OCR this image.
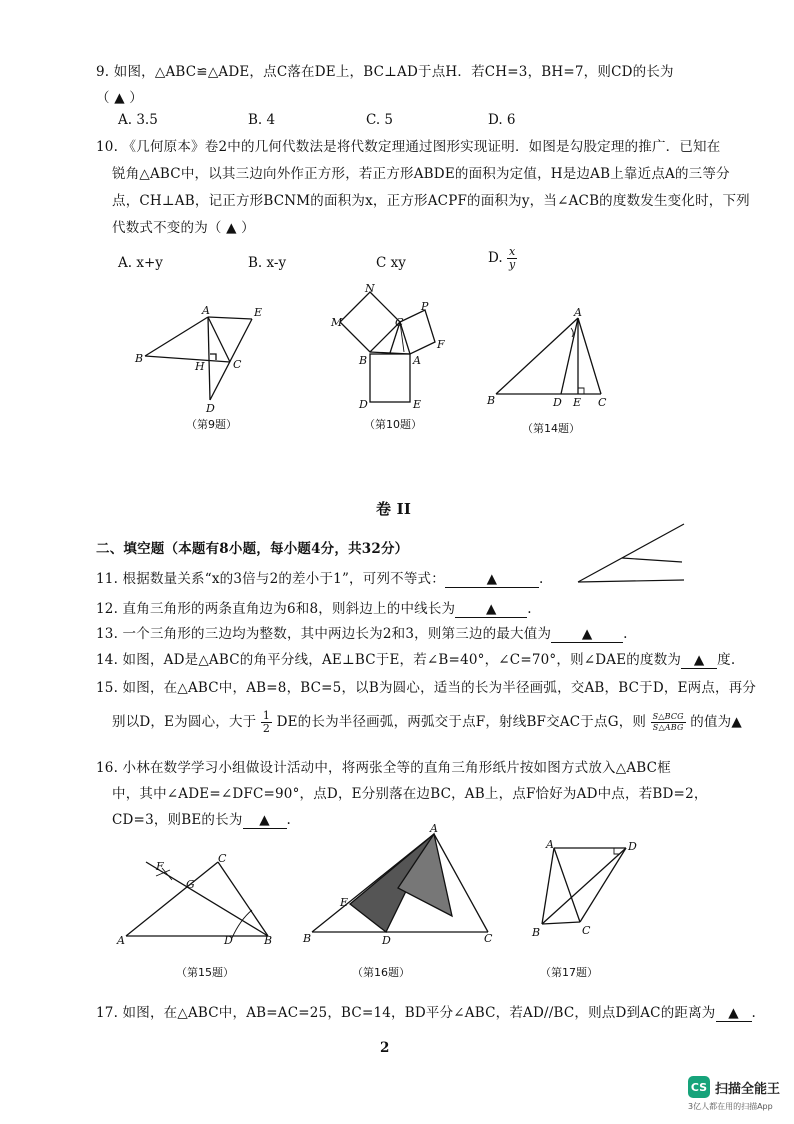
9. 如图，△ABC≌△ADE，点C落在DE上，BC⊥AD于点H．若CH=3，BH=7，则CD的长为
（ ▲ ）
A. 3.5	B. 4	C. 5	D. 6
10. 《几何原本》卷2中的几何代数法是将代数定理通过图形实现证明．如图是勾股定理的推广．已知在
锐角△ABC中，以其三边向外作正方形，若正方形ABDE的面积为定值，H是边AB上靠近点A的三等分
点，CH⊥AB，记正方形BCNM的面积为x，正方形ACPF的面积为y，当∠ACB的度数发生变化时，下列
代数式不变的为（ ▲ ）
A. x+y	B. x-y	C xy	D. $\frac{x}{y}$
A	E
B
H	C
D
（第9题）
N
M	C
P
F
B	A
D	E
（第10题）
A
B	D E C
（第14题）
卷 II
二、填空题（本题有8小题，每小题4分，共32分）
11. 根据数量关系“x的3倍与2的差小于1”，可列不等式：	▲	.
12. 直角三角形的两条直角边为6和8，则斜边上的中线长为 ▲ .
13. 一个三角形的三边均为整数，其中两边长为2和3，则第三边的最大值为 ▲ .
14. 如图，AD是△ABC的角平分线，AE⊥BC于E，若∠B=40°，∠C=70°，则∠DAE的度数为 ▲ 度.
15. 如图，在△ABC中，AB=8，BC=5，以B为圆心，适当的长为半径画弧，交AB，BC于D，E两点，再分
别以D，E为圆心，大于 $\frac{1}{2}$ DE的长为半径画弧，两弧交于点F，射线BF交AC于点G，则 $\frac{\text{S△BCG}}{\text{S△ABG}}$ 的值为▲
16. 小林在数学学习小组做设计活动中，将两张全等的直角三角形纸片按如图方式放入△ABC框
中，其中∠ADE=∠DFC=90°，点D，E分别落在边BC，AB上，点F恰好为AD中点，若BD=2，
CD=3，则BE的长为 ▲ .
F
C
G
A	D	B
（第15题）
A
E
B	D	C
（第16题）
A	D
B	C
（第17题）
17. 如图，在△ABC中，AB=AC=25，BC=14，BD平分∠ABC，若AD//BC，则点D到AC的距离为 ▲ .
2
CS 扫描全能王
3亿人都在用的扫描App
